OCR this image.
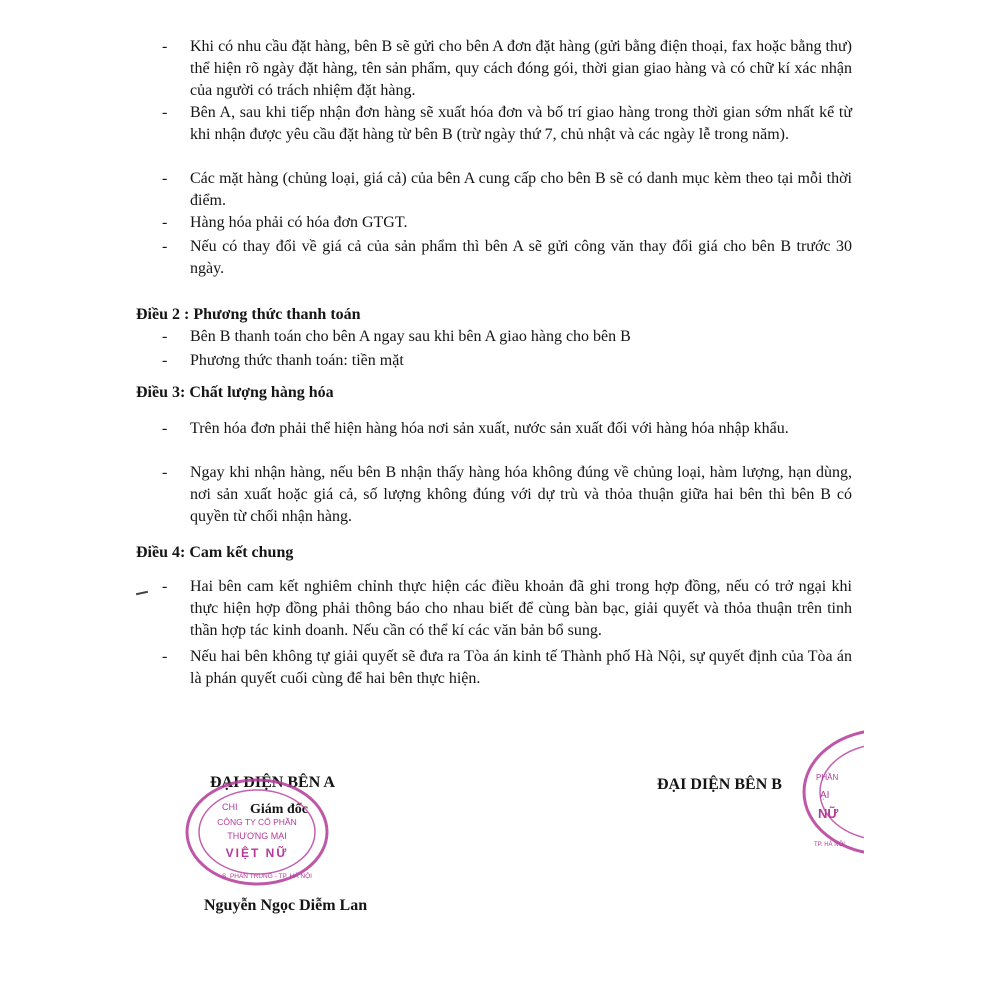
- Khi có nhu cầu đặt hàng, bên B sẽ gửi cho bên A đơn đặt hàng (gửi bằng điện thoại, fax hoặc bằng thư) thể hiện rõ ngày đặt hàng, tên sản phẩm, quy cách đóng gói, thời gian giao hàng và có chữ kí xác nhận của người có trách nhiệm đặt hàng.
- Bên A, sau khi tiếp nhận đơn hàng sẽ xuất hóa đơn và bố trí giao hàng trong thời gian sớm nhất kể từ khi nhận được yêu cầu đặt hàng từ bên B (trừ ngày thứ 7, chủ nhật và các ngày lễ trong năm).
- Các mặt hàng (chủng loại, giá cả) của bên A cung cấp cho bên B sẽ có danh mục kèm theo tại mỗi thời điểm.
- Hàng hóa phải có hóa đơn GTGT.
- Nếu có thay đổi về giá cả của sản phẩm thì bên A sẽ gửi công văn thay đổi giá cho bên B trước 30 ngày.
Điều 2 : Phương thức thanh toán
- Bên B thanh toán cho bên A ngay sau khi bên A giao hàng cho bên B
- Phương thức thanh toán: tiền mặt
Điều 3: Chất lượng hàng hóa
- Trên hóa đơn phải thể hiện hàng hóa nơi sản xuất, nước sản xuất đối với hàng hóa nhập khẩu.
- Ngay khi nhận hàng, nếu bên B nhận thấy hàng hóa không đúng về chủng loại, hàm lượng, hạn dùng, nơi sản xuất hoặc giá cả, số lượng không đúng với dự trù và thỏa thuận giữa hai bên thì bên B có quyền từ chối nhận hàng.
Điều 4: Cam kết chung
- Hai bên cam kết nghiêm chỉnh thực hiện các điều khoản đã ghi trong hợp đồng, nếu có trở ngại khi thực hiện hợp đồng phải thông báo cho nhau biết để cùng bàn bạc, giải quyết và thỏa thuận trên tinh thần hợp tác kinh doanh. Nếu cần có thể kí các văn bản bổ sung.
- Nếu hai bên không tự giải quyết sẽ đưa ra Tòa án kinh tế Thành phố Hà Nội, sự quyết định của Tòa án là phán quyết cuối cùng để hai bên thực hiện.

ĐẠI DIỆN BÊN A

Giám đốc

Nguyễn Ngọc Diễm Lan

CHI
CÔNG TY CỔ PHẦN
THƯƠNG MẠI
VIỆT NỮ
S. PHAN TRUNG - TP. HÀ NỘI

ĐẠI DIỆN BÊN B	PHẦN
ẠI
NỮ
TP. HÀ NỘI
